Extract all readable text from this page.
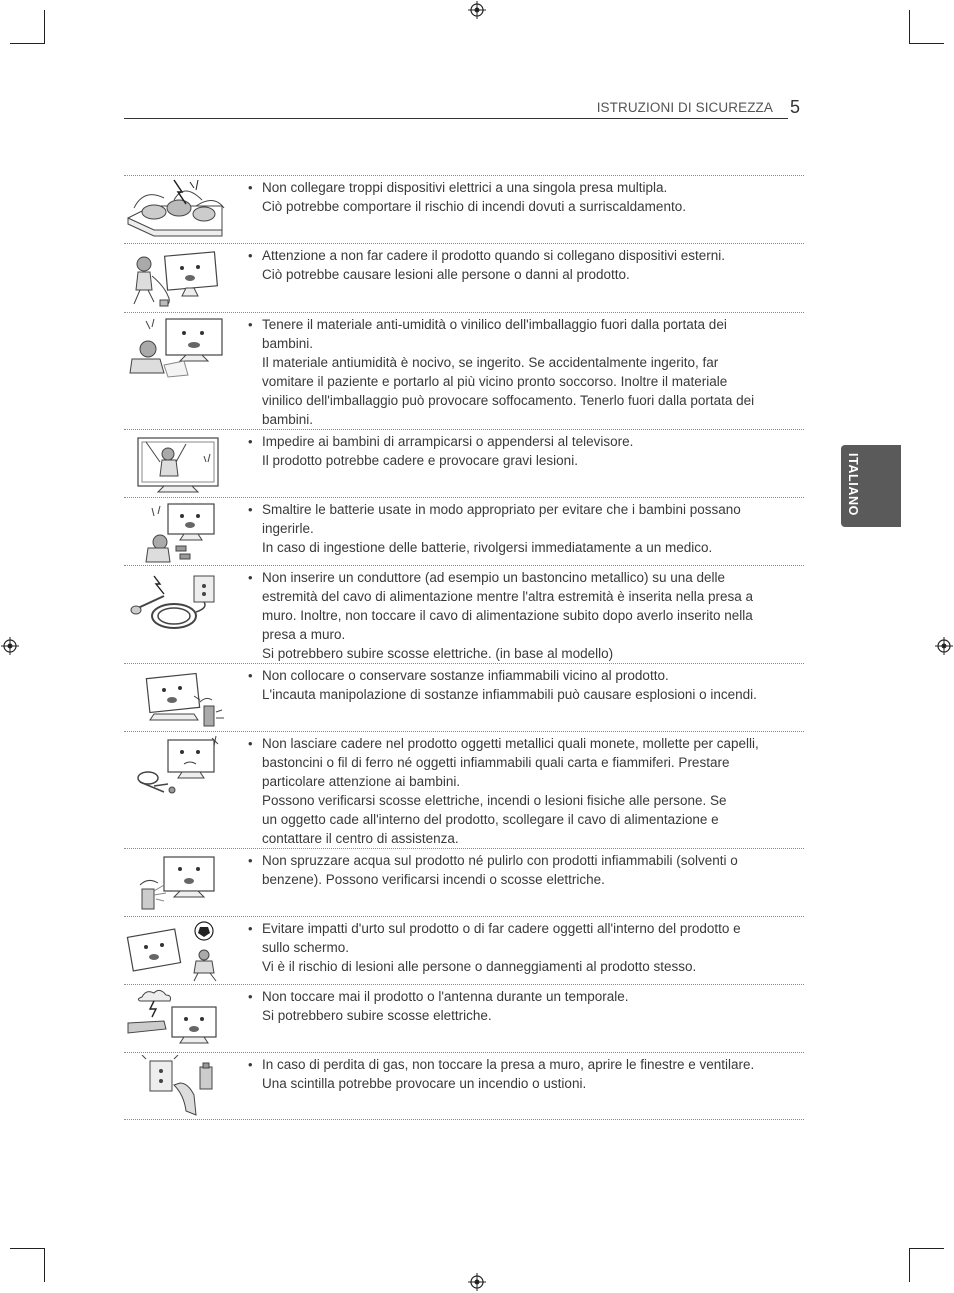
ISTRUZIONI DI SICUREZZA 5
ITALIANO
• Non collegare troppi dispositivi elettrici a una singola presa multipla.
Ciò potrebbe comportare il rischio di incendi dovuti a surriscaldamento.
• Attenzione a non far cadere il prodotto quando si collegano dispositivi esterni.
Ciò potrebbe causare lesioni alle persone o danni al prodotto.
• Tenere il materiale anti-umidità o vinilico dell'imballaggio fuori dalla portata dei
bambini.
Il materiale antiumidità è nocivo, se ingerito. Se accidentalmente ingerito, far
vomitare il paziente e portarlo al più vicino pronto soccorso. Inoltre il materiale
vinilico dell'imballaggio può provocare soffocamento. Tenerlo fuori dalla portata dei
bambini.
• Impedire ai bambini di arrampicarsi o appendersi al televisore.
Il prodotto potrebbe cadere e provocare gravi lesioni.
• Smaltire le batterie usate in modo appropriato per evitare che i bambini possano
ingerirle.
In caso di ingestione delle batterie, rivolgersi immediatamente a un medico.
• Non inserire un conduttore (ad esempio un bastoncino metallico) su una delle
estremità del cavo di alimentazione mentre l'altra estremità è inserita nella presa a
muro. Inoltre, non toccare il cavo di alimentazione subito dopo averlo inserito nella
presa a muro.
Si potrebbero subire scosse elettriche. (in base al modello)
• Non collocare o conservare sostanze infiammabili vicino al prodotto.
L'incauta manipolazione di sostanze infiammabili può causare esplosioni o incendi.
• Non lasciare cadere nel prodotto oggetti metallici quali monete, mollette per capelli,
bastoncini o fil di ferro né oggetti infiammabili quali carta e fiammiferi. Prestare
particolare attenzione ai bambini.
Possono verificarsi scosse elettriche, incendi o lesioni fisiche alle persone. Se
un oggetto cade all'interno del prodotto, scollegare il cavo di alimentazione e
contattare il centro di assistenza.
• Non spruzzare acqua sul prodotto né pulirlo con prodotti infiammabili (solventi o
benzene). Possono verificarsi incendi o scosse elettriche.
• Evitare impatti d'urto sul prodotto o di far cadere oggetti all'interno del prodotto e
sullo schermo.
Vi è il rischio di lesioni alle persone o danneggiamenti al prodotto stesso.
• Non toccare mai il prodotto o l'antenna durante un temporale.
Si potrebbero subire scosse elettriche.
• In caso di perdita di gas, non toccare la presa a muro, aprire le finestre e ventilare.
Una scintilla potrebbe provocare un incendio o ustioni.
